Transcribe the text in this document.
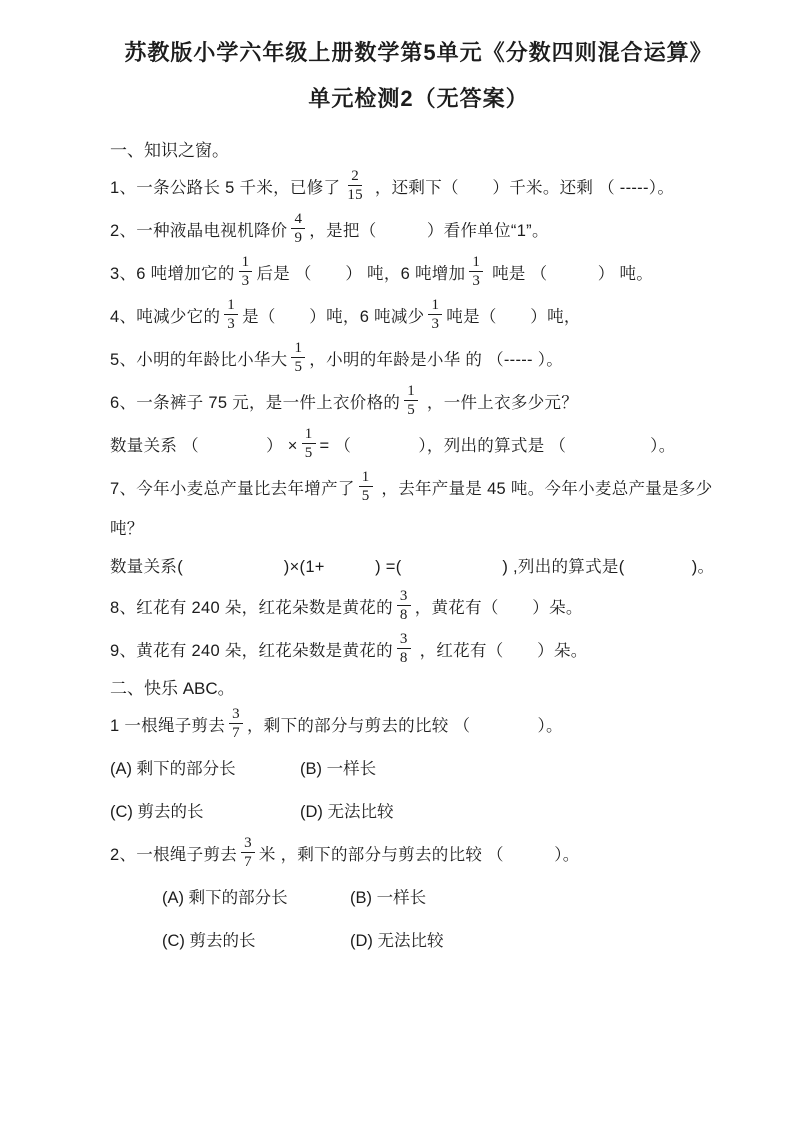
苏教版小学六年级上册数学第5单元《分数四则混合运算》
单元检测2（无答案）
一、知识之窗。
1、一条公路长 5 千米，已修了 $\frac{2}{15}$ ，还剩下（　　）千米。还剩 （ -----）。
2、一种液晶电视机降价 $\frac{4}{9}$ ，是把（　　　）看作单位“1”。
3、6 吨增加它的 $\frac{1}{3}$ 后是 （　　） 吨，6 吨增加 $\frac{1}{3}$ 吨是 （　　　） 吨。
4、吨减少它的 $\frac{1}{3}$ 是（　　）吨，6 吨减少 $\frac{1}{3}$ 吨是（　　）吨，
5、小明的年龄比小华大 $\frac{1}{5}$ ，小明的年龄是小华 的 （----- ）。
6、一条裤子 75 元，是一件上衣价格的 $\frac{1}{5}$ ，一件上衣多少元？
数量关系 （　　　　） × $\frac{1}{5}$ = （　　　　），列出的算式是 （　　　　　）。
7、今年小麦总产量比去年增产了 $\frac{1}{5}$ ，去年产量是 45 吨。今年小麦总产量是多少
吨？
数量关系(　　　　　　)×(1+　　　) =(　　　　　　) ,列出的算式是(　　　　)。
8、红花有 240 朵，红花朵数是黄花的 $\frac{3}{8}$ ，黄花有（　　）朵。
9、黄花有 240 朵，红花朵数是黄花的 $\frac{3}{8}$ ，红花有（　　）朵。
二、快乐 ABC。
1 一根绳子剪去 $\frac{3}{7}$ ，剩下的部分与剪去的比较 （　　　　）。
(A) 剩下的部分长	(B) 一样长
(C) 剪去的长	(D) 无法比较
2、一根绳子剪去 $\frac{3}{7}$ 米 ，剩下的部分与剪去的比较 （　　　）。
(A) 剩下的部分长	(B) 一样长
(C) 剪去的长	(D) 无法比较
